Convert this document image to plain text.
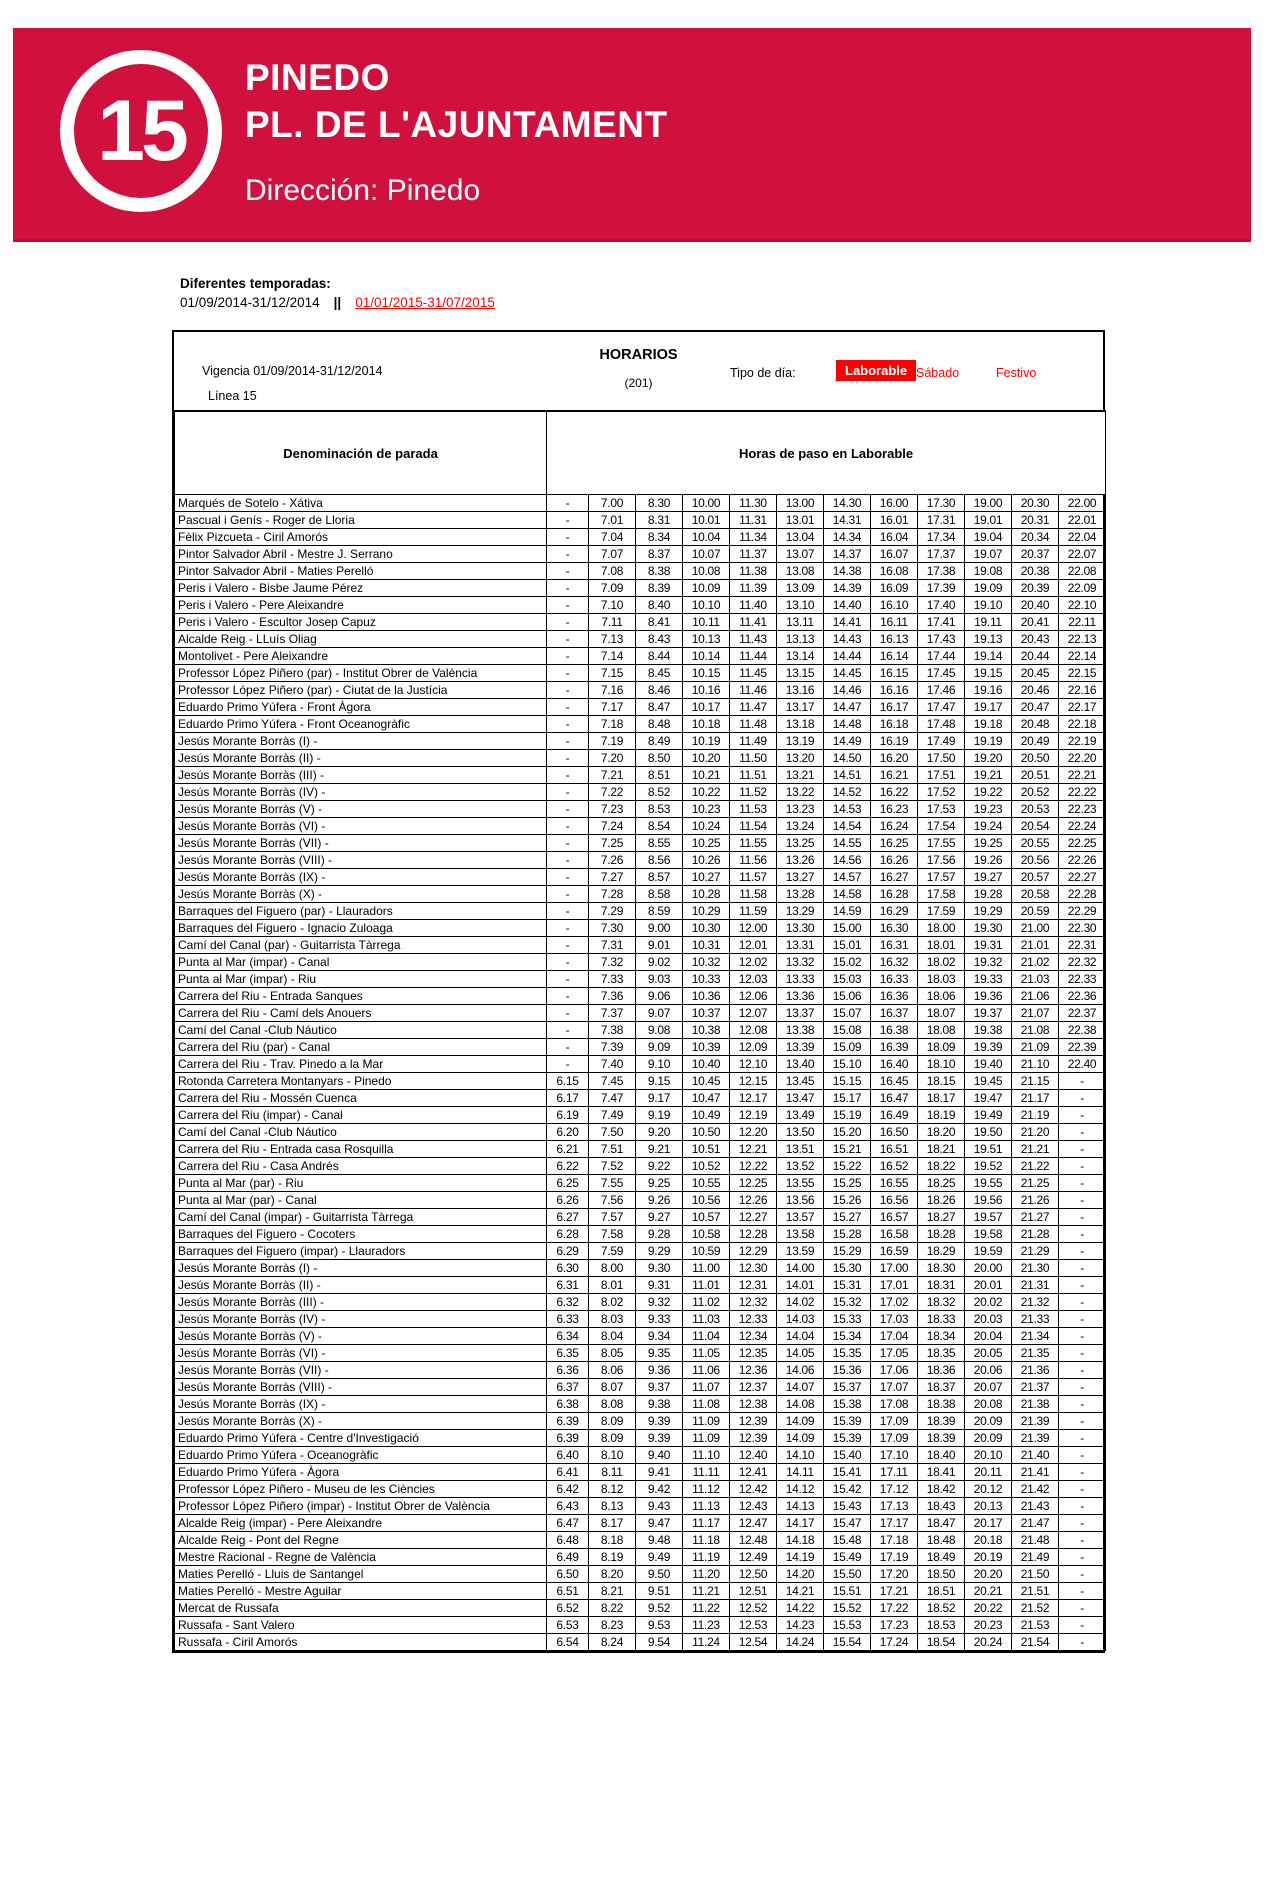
15
PINEDO
PL. DE L'AJUNTAMENT
Dirección: Pinedo
Diferentes temporadas:
01/09/2014-31/12/2014 || 01/01/2015-31/07/2015
HORARIOS
(201)
Vigencia 01/09/2014-31/12/2014
Línea 15
Tipo de día:	Laborable Sábado	Festivo
Denominación de parada	Horas de paso en Laborable											
Marqués de Sotelo - Xátiva	-	7.00	8.30	10.00	11.30	13.00	14.30	16.00	17.30	19.00	20.30	22.00
Pascual i Genís - Roger de Lloria	-	7.01	8.31	10.01	11.31	13.01	14.31	16.01	17.31	19.01	20.31	22.01
Fèlix Pizcueta - Ciril Amorós	-	7.04	8.34	10.04	11.34	13.04	14.34	16.04	17.34	19.04	20.34	22.04
Pintor Salvador Abril - Mestre J. Serrano	-	7.07	8.37	10.07	11.37	13.07	14.37	16.07	17.37	19.07	20.37	22.07
Pintor Salvador Abril - Maties Perelló	-	7.08	8.38	10.08	11.38	13.08	14.38	16.08	17.38	19.08	20.38	22.08
Peris i Valero - Bisbe Jaume Pérez	-	7.09	8.39	10.09	11.39	13.09	14.39	16.09	17.39	19.09	20.39	22.09
Peris i Valero - Pere Aleixandre	-	7.10	8.40	10.10	11.40	13.10	14.40	16.10	17.40	19.10	20.40	22.10
Peris i Valero - Escultor Josep Capuz	-	7.11	8.41	10.11	11.41	13.11	14.41	16.11	17.41	19.11	20.41	22.11
Alcalde Reig - LLuís Oliag	-	7.13	8.43	10.13	11.43	13.13	14.43	16.13	17.43	19.13	20.43	22.13
Montolivet - Pere Aleixandre	-	7.14	8.44	10.14	11.44	13.14	14.44	16.14	17.44	19.14	20.44	22.14
Professor López Piñero (par) - Institut Obrer de València	-	7.15	8.45	10.15	11.45	13.15	14.45	16.15	17.45	19.15	20.45	22.15
Professor López Piñero (par) - Ciutat de la Justícia	-	7.16	8.46	10.16	11.46	13.16	14.46	16.16	17.46	19.16	20.46	22.16
Eduardo Primo Yúfera - Front Àgora	-	7.17	8.47	10.17	11.47	13.17	14.47	16.17	17.47	19.17	20.47	22.17
Eduardo Primo Yúfera - Front Oceanogràfic	-	7.18	8.48	10.18	11.48	13.18	14.48	16.18	17.48	19.18	20.48	22.18
Jesús Morante Borràs (I) -	-	7.19	8.49	10.19	11.49	13.19	14.49	16.19	17.49	19.19	20.49	22.19
Jesús Morante Borràs (II) -	-	7.20	8.50	10.20	11.50	13.20	14.50	16.20	17.50	19.20	20.50	22.20
Jesús Morante Borràs (III) -	-	7.21	8.51	10.21	11.51	13.21	14.51	16.21	17.51	19.21	20.51	22.21
Jesús Morante Borràs (IV) -	-	7.22	8.52	10.22	11.52	13.22	14.52	16.22	17.52	19.22	20.52	22.22
Jesús Morante Borràs (V) -	-	7.23	8.53	10.23	11.53	13.23	14.53	16.23	17.53	19.23	20.53	22.23
Jesús Morante Borràs (VI) -	-	7.24	8.54	10.24	11.54	13.24	14.54	16.24	17.54	19.24	20.54	22.24
Jesús Morante Borràs (VII) -	-	7.25	8.55	10.25	11.55	13.25	14.55	16.25	17.55	19.25	20.55	22.25
Jesús Morante Borràs (VIII) -	-	7.26	8.56	10.26	11.56	13.26	14.56	16.26	17.56	19.26	20.56	22.26
Jesús Morante Borràs (IX) -	-	7.27	8.57	10.27	11.57	13.27	14.57	16.27	17.57	19.27	20.57	22.27
Jesús Morante Borràs (X) -	-	7.28	8.58	10.28	11.58	13.28	14.58	16.28	17.58	19.28	20.58	22.28
Barraques del Figuero (par) - Llauradors	-	7.29	8.59	10.29	11.59	13.29	14.59	16.29	17.59	19.29	20.59	22.29
Barraques del Figuero - Ignacio Zuloaga	-	7.30	9.00	10.30	12.00	13.30	15.00	16.30	18.00	19.30	21.00	22.30
Camí del Canal (par) - Guitarrista Tàrrega	-	7.31	9.01	10.31	12.01	13.31	15.01	16.31	18.01	19.31	21.01	22.31
Punta al Mar (impar) - Canal	-	7.32	9.02	10.32	12.02	13.32	15.02	16.32	18.02	19.32	21.02	22.32
Punta al Mar (impar) - Riu	-	7.33	9.03	10.33	12.03	13.33	15.03	16.33	18.03	19.33	21.03	22.33
Carrera del Riu - Entrada Sanques	-	7.36	9.06	10.36	12.06	13.36	15.06	16.36	18.06	19.36	21.06	22.36
Carrera del Riu - Camí dels Anouers	-	7.37	9.07	10.37	12.07	13.37	15.07	16.37	18.07	19.37	21.07	22.37
Camí del Canal -Club Náutico	-	7.38	9.08	10.38	12.08	13.38	15.08	16.38	18.08	19.38	21.08	22.38
Carrera del Riu (par) - Canal	-	7.39	9.09	10.39	12.09	13.39	15.09	16.39	18.09	19.39	21.09	22.39
Carrera del Riu - Trav. Pinedo a la Mar	-	7.40	9.10	10.40	12.10	13.40	15.10	16.40	18.10	19.40	21.10	22.40
Rotonda Carretera Montanyars - Pinedo	6.15	7.45	9.15	10.45	12.15	13.45	15.15	16.45	18.15	19.45	21.15	-
Carrera del Riu - Mossén Cuenca	6.17	7.47	9.17	10.47	12.17	13.47	15.17	16.47	18.17	19.47	21.17	-
Carrera del Riu (impar) - Canal	6.19	7.49	9.19	10.49	12.19	13.49	15.19	16.49	18.19	19.49	21.19	-
Camí del Canal -Club Náutico	6.20	7.50	9.20	10.50	12.20	13.50	15.20	16.50	18.20	19.50	21.20	-
Carrera del Riu - Entrada casa Rosquilla	6.21	7.51	9.21	10.51	12.21	13.51	15.21	16.51	18.21	19.51	21.21	-
Carrera del Riu - Casa Andrés	6.22	7.52	9.22	10.52	12.22	13.52	15.22	16.52	18.22	19.52	21.22	-
Punta al Mar (par) - Riu	6.25	7.55	9.25	10.55	12.25	13.55	15.25	16.55	18.25	19.55	21.25	-
Punta al Mar (par) - Canal	6.26	7.56	9.26	10.56	12.26	13.56	15.26	16.56	18.26	19.56	21.26	-
Camí del Canal (impar) - Guitarrista Tàrrega	6.27	7.57	9.27	10.57	12.27	13.57	15.27	16.57	18.27	19.57	21.27	-
Barraques del Figuero - Cocoters	6.28	7.58	9.28	10.58	12.28	13.58	15.28	16.58	18.28	19.58	21.28	-
Barraques del Figuero (impar) - Llauradors	6.29	7.59	9.29	10.59	12.29	13.59	15.29	16.59	18.29	19.59	21.29	-
Jesús Morante Borràs (I) -	6.30	8.00	9.30	11.00	12.30	14.00	15.30	17.00	18.30	20.00	21.30	-
Jesús Morante Borràs (II) -	6.31	8.01	9.31	11.01	12.31	14.01	15.31	17.01	18.31	20.01	21.31	-
Jesús Morante Borràs (III) -	6.32	8.02	9.32	11.02	12.32	14.02	15.32	17.02	18.32	20.02	21.32	-
Jesús Morante Borràs (IV) -	6.33	8.03	9.33	11.03	12.33	14.03	15.33	17.03	18.33	20.03	21.33	-
Jesús Morante Borràs (V) -	6.34	8.04	9.34	11.04	12.34	14.04	15.34	17.04	18.34	20.04	21.34	-
Jesús Morante Borràs (VI) -	6.35	8.05	9.35	11.05	12.35	14.05	15.35	17.05	18.35	20.05	21.35	-
Jesús Morante Borràs (VII) -	6.36	8.06	9.36	11.06	12.36	14.06	15.36	17.06	18.36	20.06	21.36	-
Jesús Morante Borràs (VIII) -	6.37	8.07	9.37	11.07	12.37	14.07	15.37	17.07	18.37	20.07	21.37	-
Jesús Morante Borràs (IX) -	6.38	8.08	9.38	11.08	12.38	14.08	15.38	17.08	18.38	20.08	21.38	-
Jesús Morante Borràs (X) -	6.39	8.09	9.39	11.09	12.39	14.09	15.39	17.09	18.39	20.09	21.39	-
Eduardo Primo Yúfera - Centre d'Investigació	6.39	8.09	9.39	11.09	12.39	14.09	15.39	17.09	18.39	20.09	21.39	-
Eduardo Primo Yúfera - Oceanogràfic	6.40	8.10	9.40	11.10	12.40	14.10	15.40	17.10	18.40	20.10	21.40	-
Eduardo Primo Yúfera - Àgora	6.41	8.11	9.41	11.11	12.41	14.11	15.41	17.11	18.41	20.11	21.41	-
Professor López Piñero - Museu de les Ciències	6.42	8.12	9.42	11.12	12.42	14.12	15.42	17.12	18.42	20.12	21.42	-
Professor López Piñero (impar) - Institut Obrer de València	6.43	8.13	9.43	11.13	12.43	14.13	15.43	17.13	18.43	20.13	21.43	-
Alcalde Reig (impar) - Pere Aleixandre	6.47	8.17	9.47	11.17	12.47	14.17	15.47	17.17	18.47	20.17	21.47	-
Alcalde Reig - Pont del Regne	6.48	8.18	9.48	11.18	12.48	14.18	15.48	17.18	18.48	20.18	21.48	-
Mestre Racional - Regne de València	6.49	8.19	9.49	11.19	12.49	14.19	15.49	17.19	18.49	20.19	21.49	-
Maties Perelló - Lluis de Santangel	6.50	8.20	9.50	11.20	12.50	14.20	15.50	17.20	18.50	20.20	21.50	-
Maties Perelló - Mestre Aguilar	6.51	8.21	9.51	11.21	12.51	14.21	15.51	17.21	18.51	20.21	21.51	-
Mercat de Russafa	6.52	8.22	9.52	11.22	12.52	14.22	15.52	17.22	18.52	20.22	21.52	-
Russafa - Sant Valero	6.53	8.23	9.53	11.23	12.53	14.23	15.53	17.23	18.53	20.23	21.53	-
Russafa - Ciril Amorós	6.54	8.24	9.54	11.24	12.54	14.24	15.54	17.24	18.54	20.24	21.54	-
